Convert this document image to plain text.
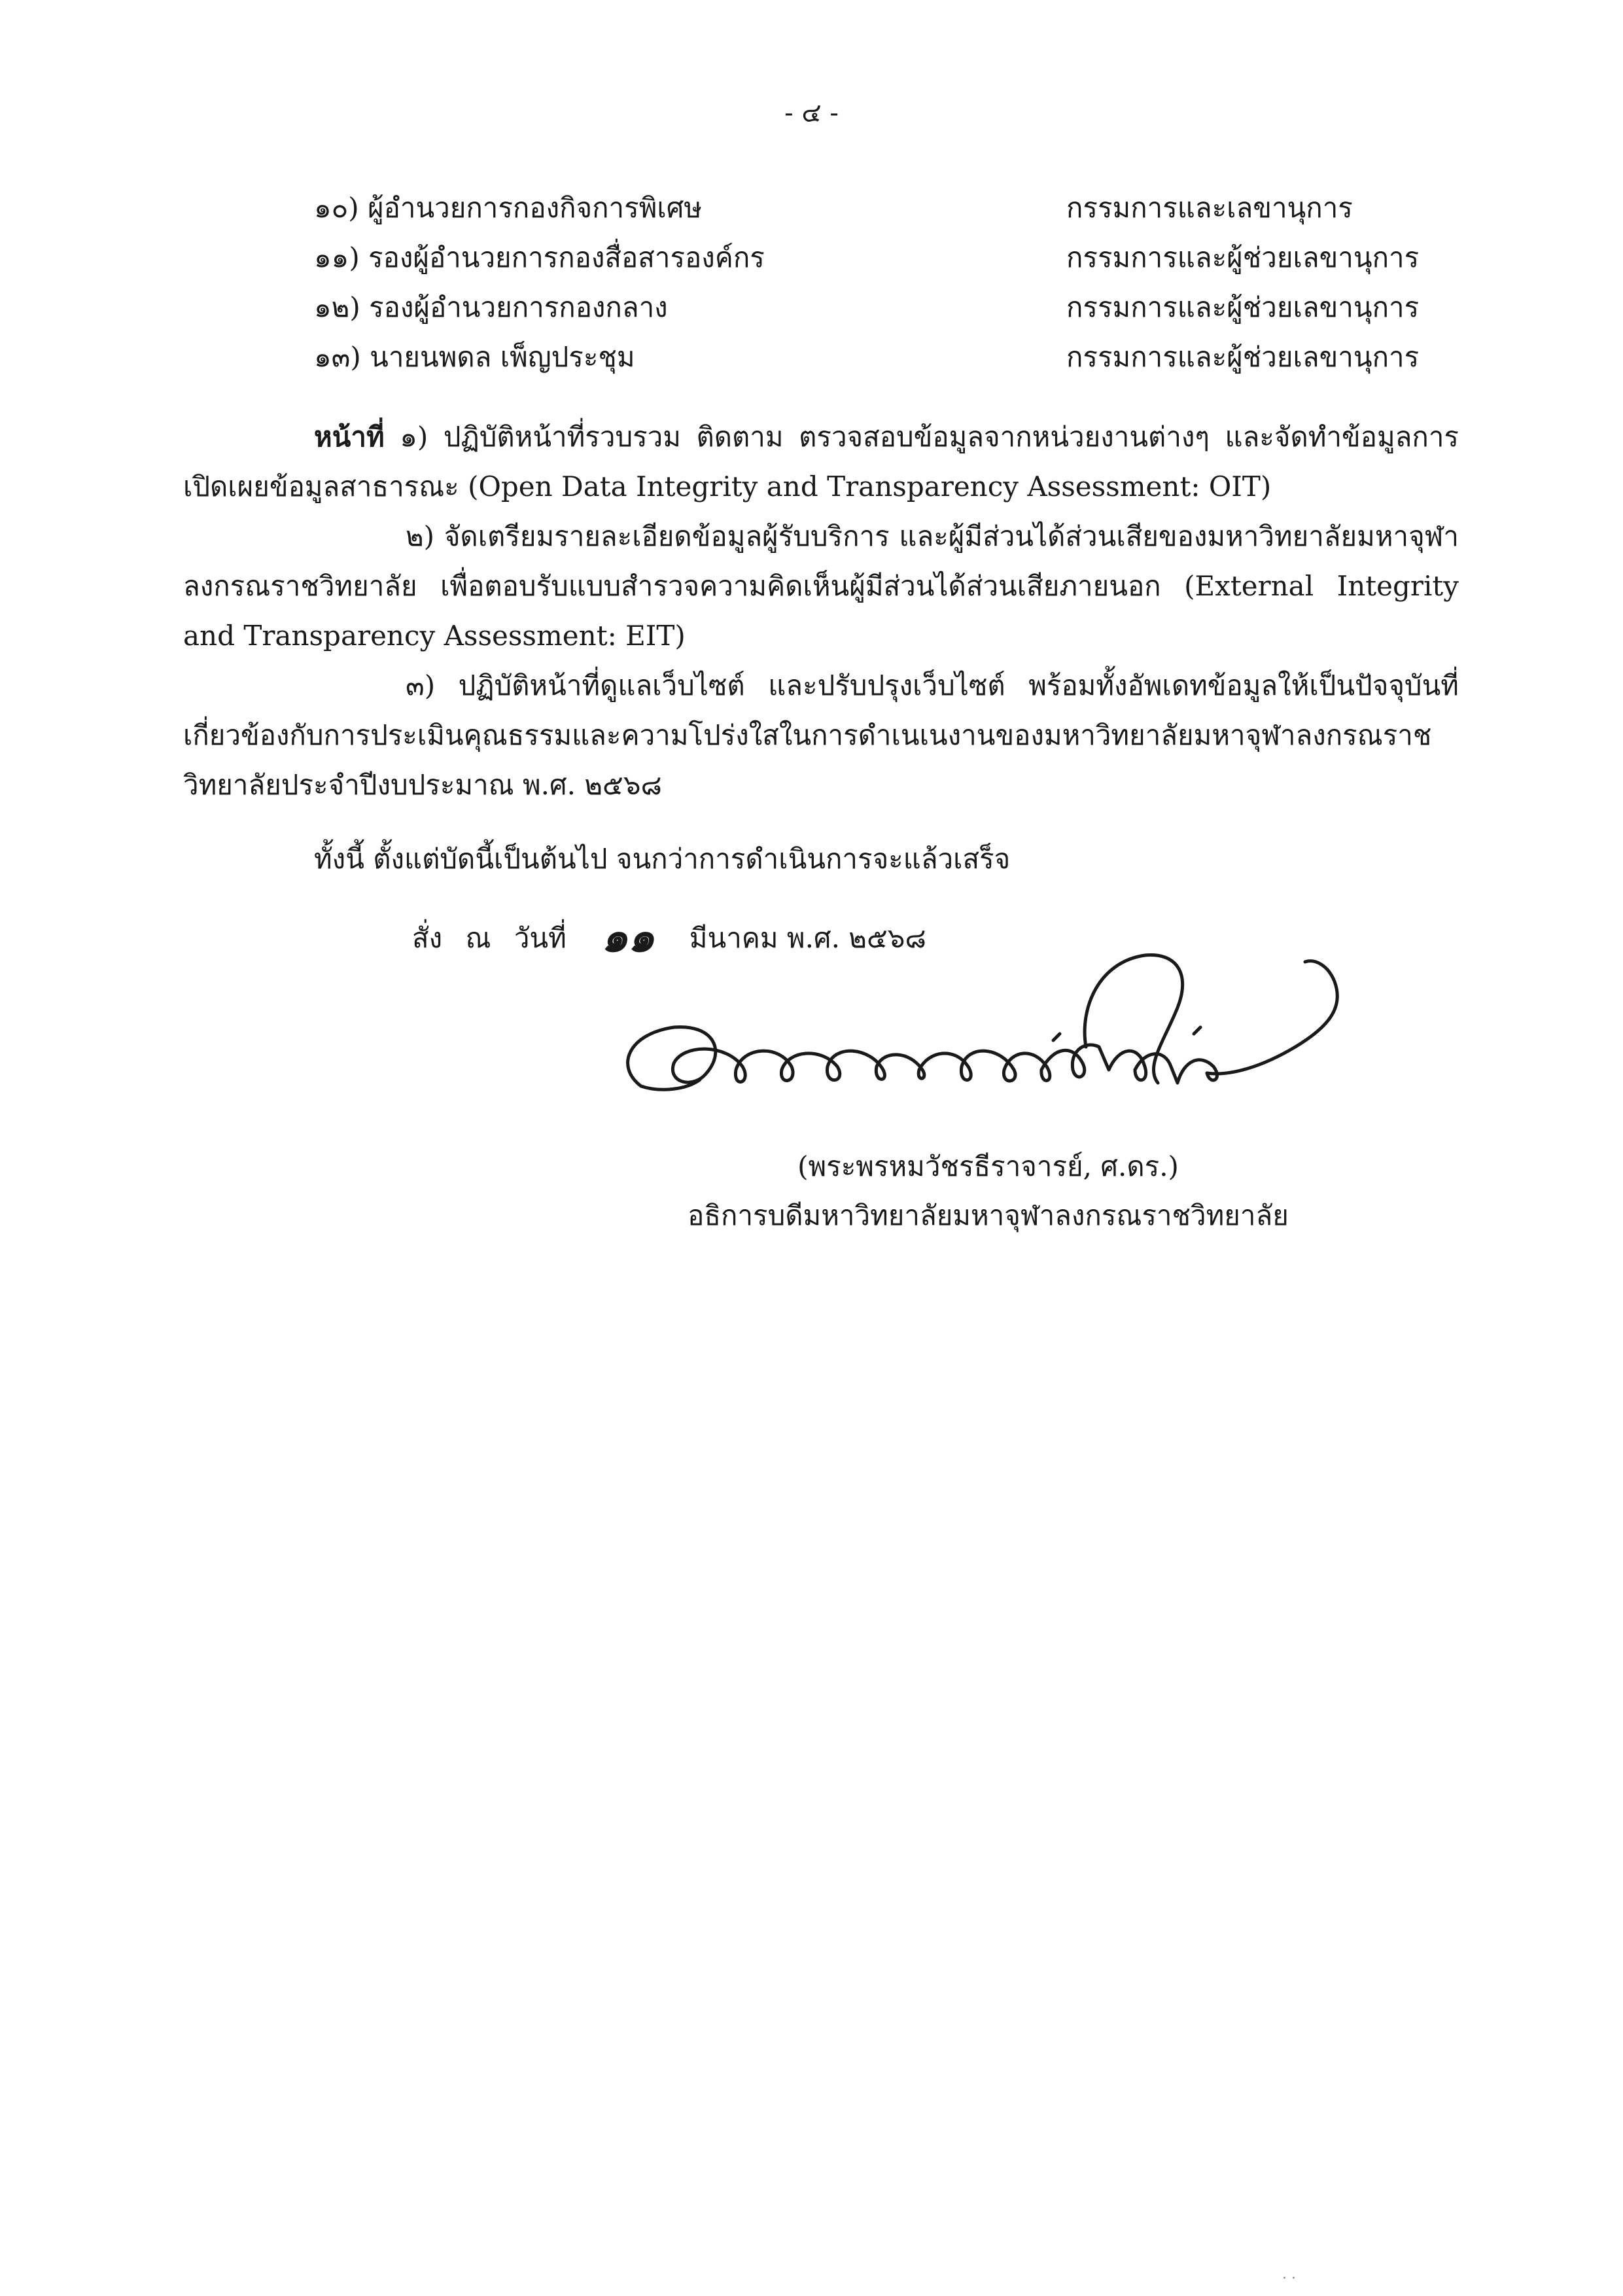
- ๔ -
๑๐) ผู้อำนวยการกองกิจการพิเศษ	กรรมการและเลขานุการ
๑๑) รองผู้อำนวยการกองสื่อสารองค์กร	กรรมการและผู้ช่วยเลขานุการ
๑๒) รองผู้อำนวยการกองกลาง	กรรมการและผู้ช่วยเลขานุการ
๑๓) นายนพดล เพ็ญประชุม	กรรมการและผู้ช่วยเลขานุการ

หน้าที่ ๑) ปฏิบัติหน้าที่รวบรวม ติดตาม ตรวจสอบข้อมูลจากหน่วยงานต่างๆ และจัดทำข้อมูลการเปิดเผยข้อมูลสาธารณะ (Open Data Integrity and Transparency Assessment: OIT)

๒) จัดเตรียมรายละเอียดข้อมูลผู้รับบริการ และผู้มีส่วนได้ส่วนเสียของมหาวิทยาลัยมหาจุฬาลงกรณราชวิทยาลัย เพื่อตอบรับแบบสำรวจความคิดเห็นผู้มีส่วนได้ส่วนเสียภายนอก (External Integrity and Transparency Assessment: EIT)

๓) ปฏิบัติหน้าที่ดูแลเว็บไซต์ และปรับปรุงเว็บไซต์ พร้อมทั้งอัพเดทข้อมูลให้เป็นปัจจุบันที่เกี่ยวข้องกับการประเมินคุณธรรมและความโปร่งใสในการดำเนเนงานของมหาวิทยาลัยมหาจุฬาลงกรณราชวิทยาลัยประจำปีงบประมาณ พ.ศ. ๒๕๖๘

ทั้งนี้ ตั้งแต่บัดนี้เป็นต้นไป จนกว่าการดำเนินการจะแล้วเสร็จ
สั่ง ณ วันที่ ๑๑ มีนาคม พ.ศ. ๒๕๖๘
(พระพรหมวัชรธีราจารย์, ศ.ดร.)
อธิการบดีมหาวิทยาลัยมหาจุฬาลงกรณราชวิทยาลัย
· ·
